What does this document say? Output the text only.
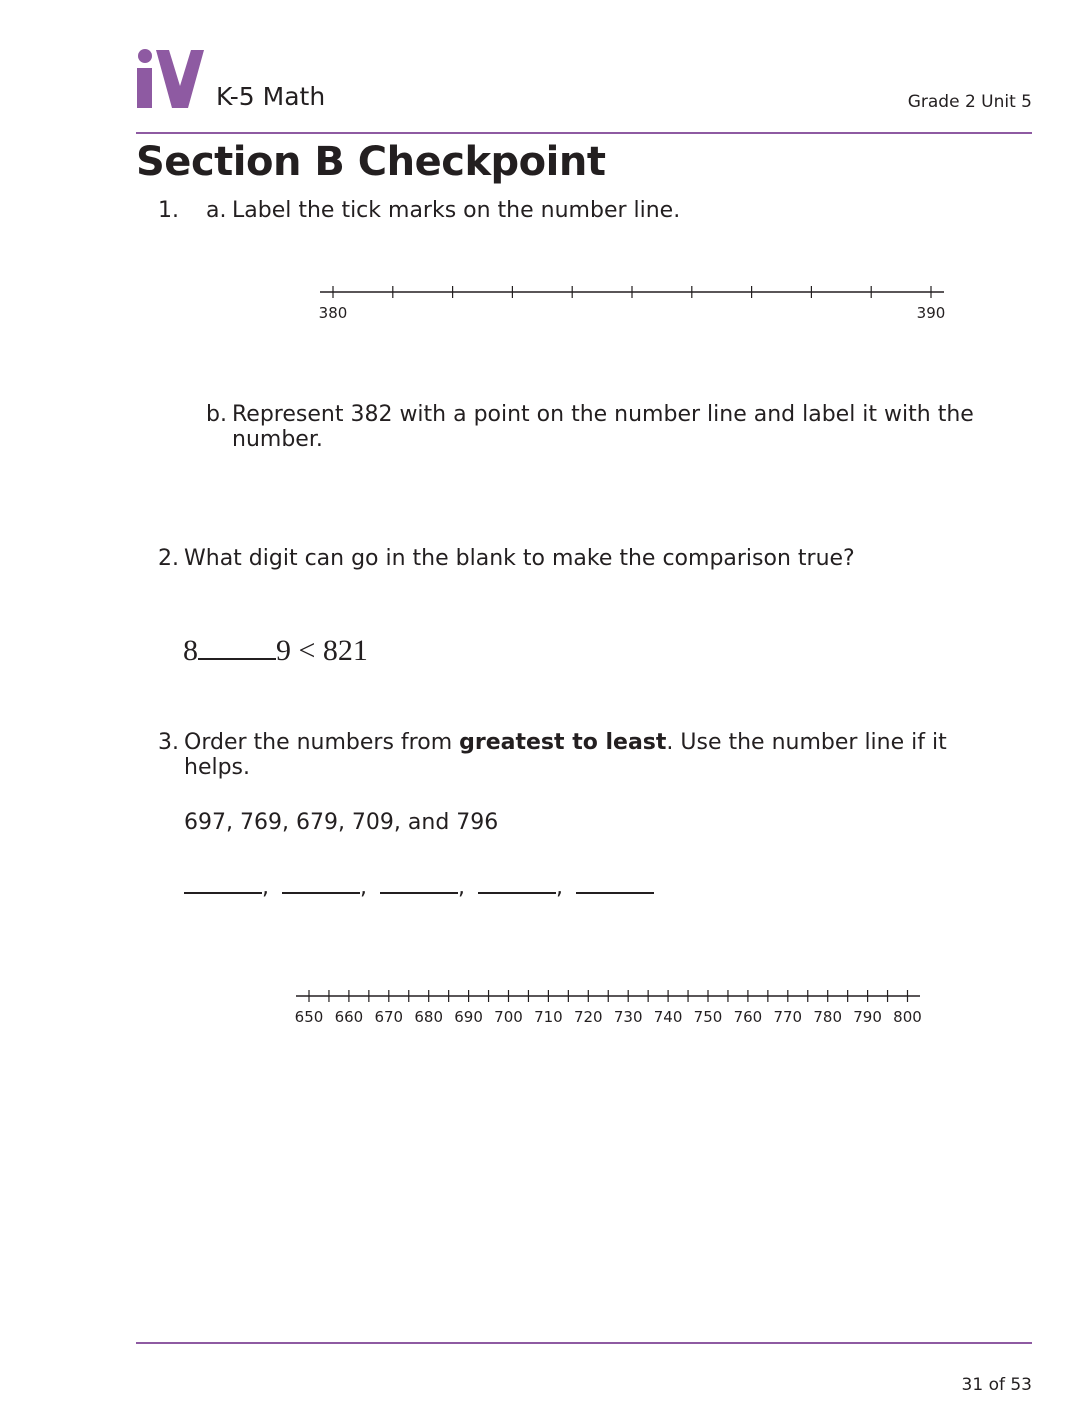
K-5 Math	Grade 2 Unit 5
Section B Checkpoint
1. a. Label the tick marks on the number line.
380	390
b. Represent 382 with a point on the number line and label it with the number.
2. What digit can go in the blank to make the comparison true?
8	9 < 821
3. Order the numbers from greatest to least. Use the number line if it helps.
697, 769, 679, 709, and 796
,	,	,	,
650 660 670 680 690 700 710 720 730 740 750 760 770 780 790 800
31 of 53
